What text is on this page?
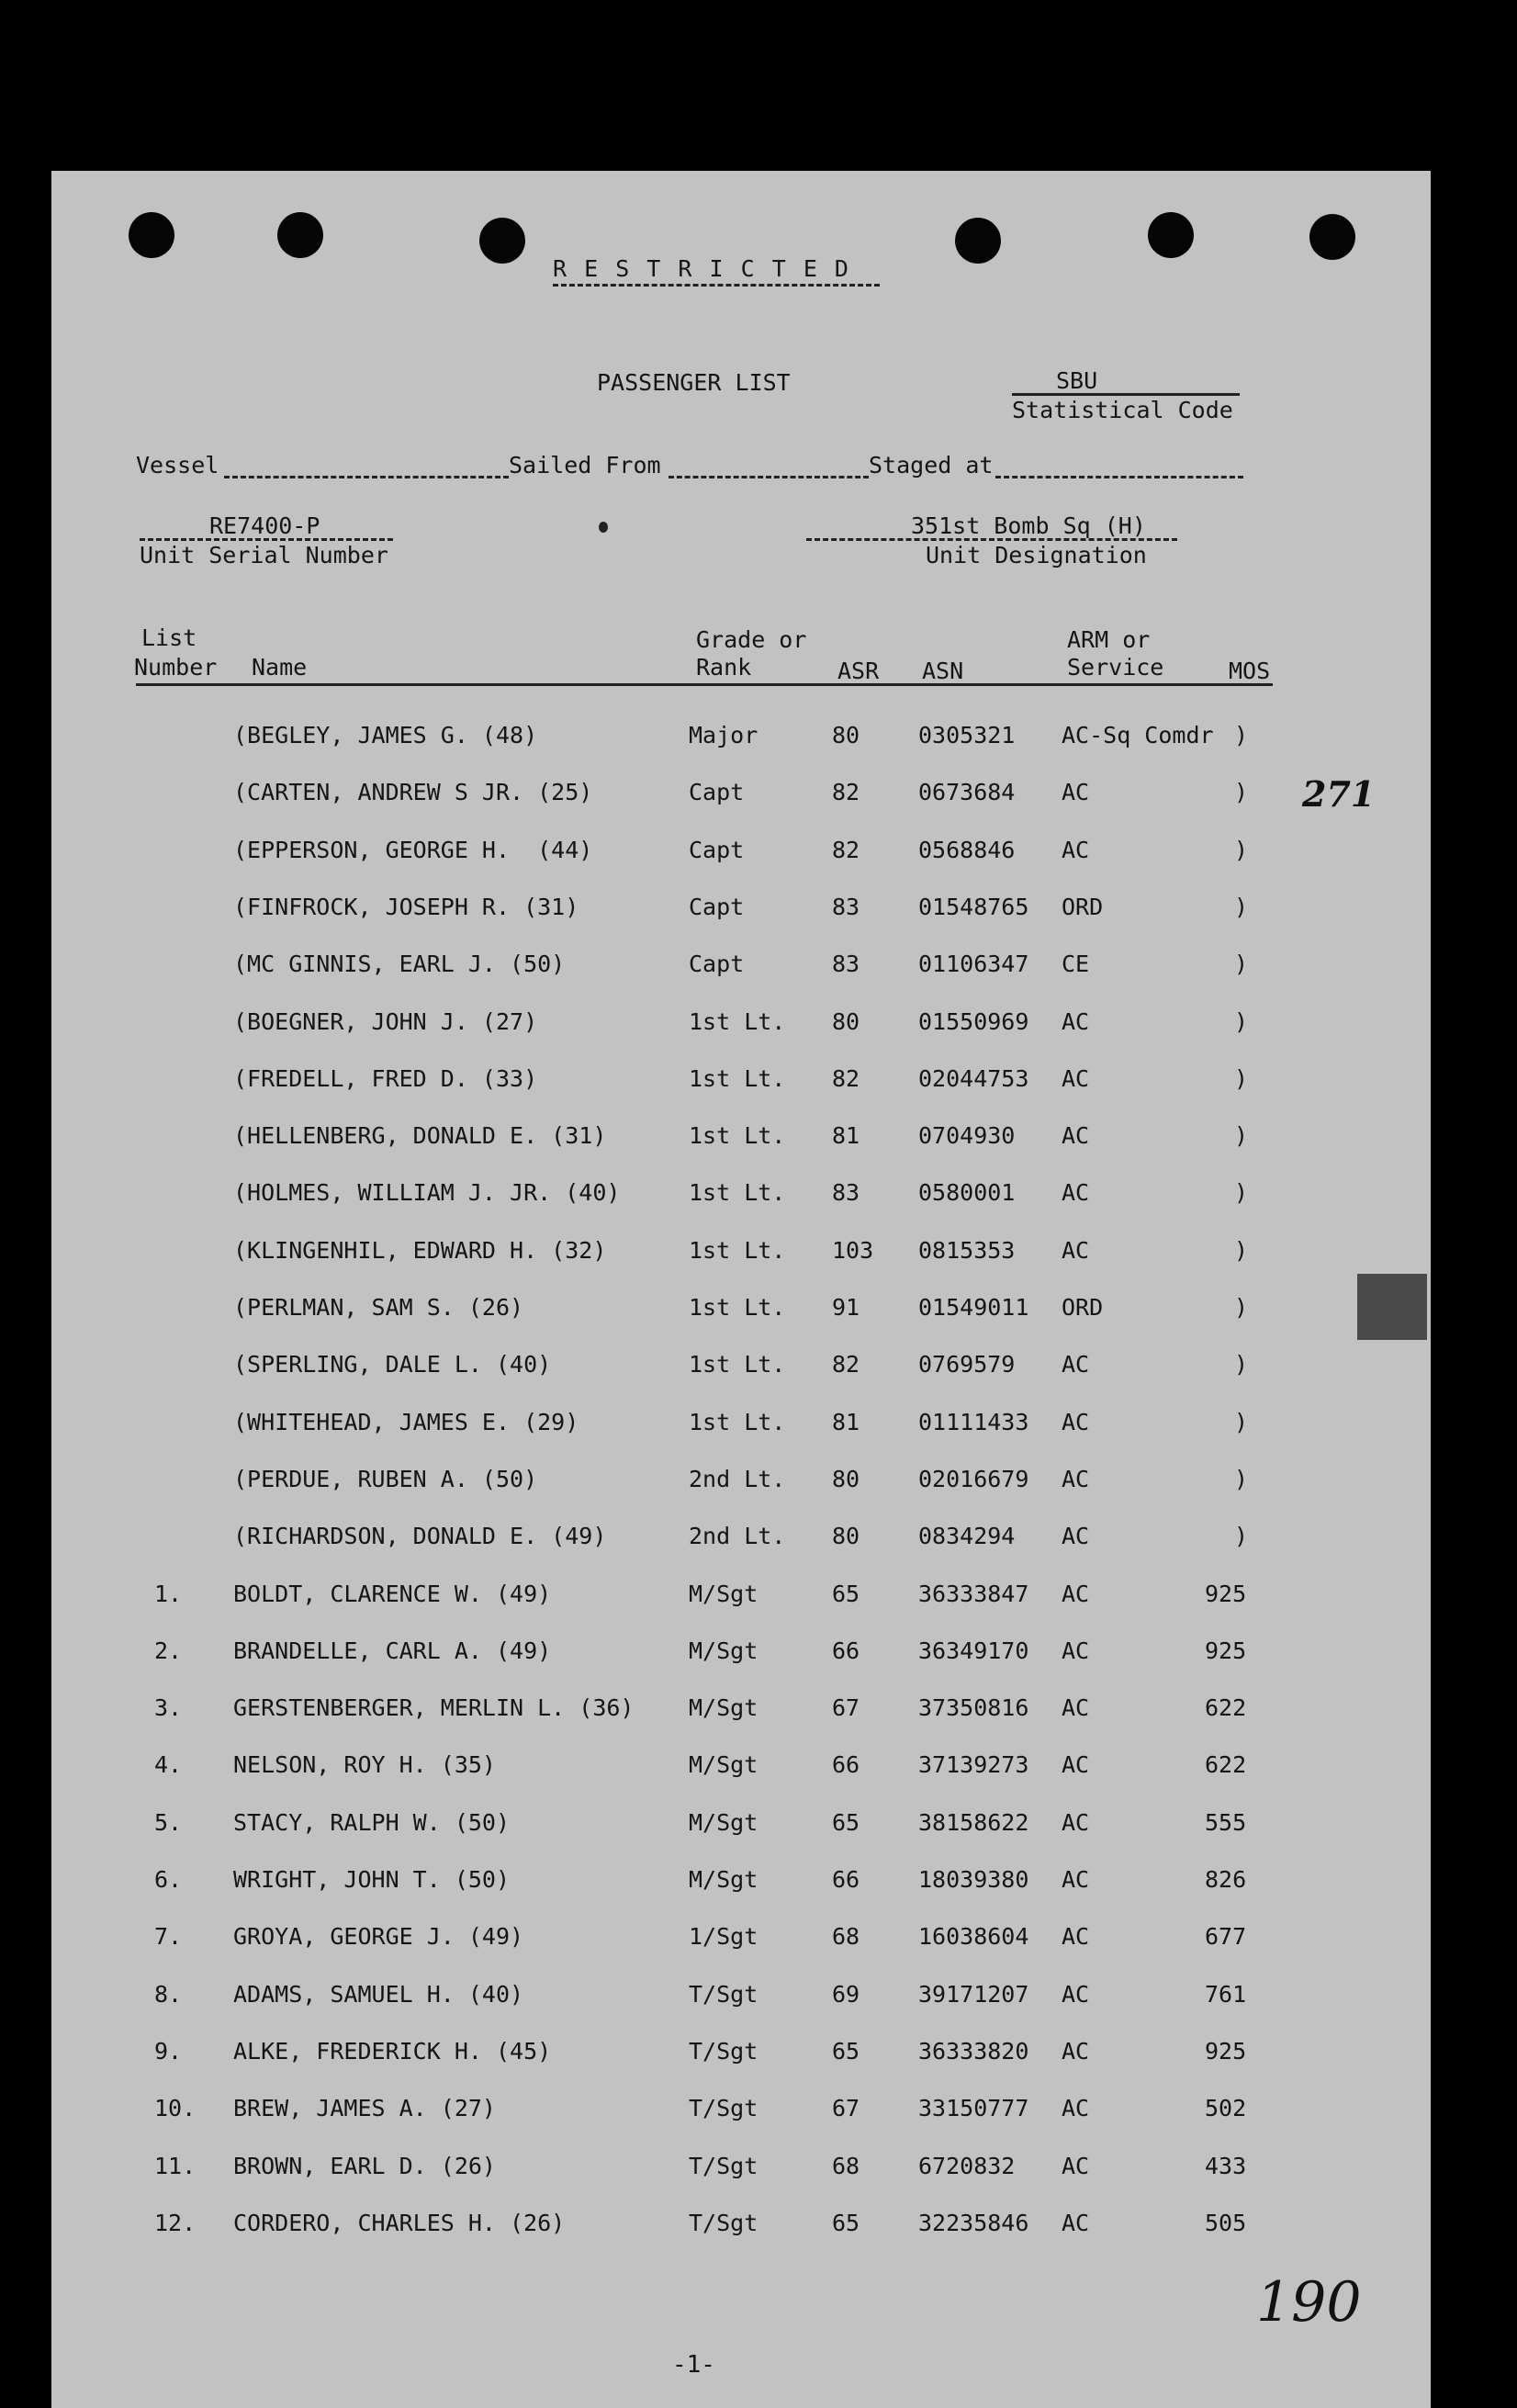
R E S T R I C T E D
PASSENGER LIST	SBU
Statistical Code
Vessel	Sailed From	Staged at
RE7400-P
Unit Serial Number
351st Bomb Sq (H)
Unit Designation
List
Number Name
Grade or
Rank	ASR ASN
ARM or
Service	MOS
(BEGLEY, JAMES G. (48)	Major	80	0305321 AC-Sq Comdr )
(CARTEN, ANDREW S JR. (25)	Capt	82	0673684 AC	)
(EPPERSON, GEORGE H.  (44)	Capt	82	0568846 AC	)
(FINFROCK, JOSEPH R. (31)	Capt	83	01548765 ORD	)
(MC GINNIS, EARL J. (50)	Capt	83	01106347 CE	)
(BOEGNER, JOHN J. (27)	1st Lt. 80	01550969 AC	)
(FREDELL, FRED D. (33)	1st Lt. 82	02044753 AC	)
(HELLENBERG, DONALD E. (31)	1st Lt. 81	0704930 AC	)
(HOLMES, WILLIAM J. JR. (40)	1st Lt. 83	0580001 AC	)
(KLINGENHIL, EDWARD H. (32)	1st Lt. 103 0815353 AC	)
(PERLMAN, SAM S. (26)	1st Lt. 91	01549011 ORD	)
(SPERLING, DALE L. (40)	1st Lt. 82	0769579 AC	)
(WHITEHEAD, JAMES E. (29)	1st Lt. 81	01111433 AC	)
(PERDUE, RUBEN A. (50)	2nd Lt. 80	02016679 AC	)
(RICHARDSON, DONALD E. (49)	2nd Lt. 80	0834294 AC	)
1. BOLDT, CLARENCE W. (49)	M/Sgt	65	36333847 AC	925
2. BRANDELLE, CARL A. (49)	M/Sgt	66	36349170 AC	925
3. GERSTENBERGER, MERLIN L. (36) M/Sgt	67	37350816 AC	622
4. NELSON, ROY H. (35)	M/Sgt	66	37139273 AC	622
5. STACY, RALPH W. (50)	M/Sgt	65	38158622 AC	555
6. WRIGHT, JOHN T. (50)	M/Sgt	66	18039380 AC	826
7. GROYA, GEORGE J. (49)	1/Sgt	68	16038604 AC	677
8. ADAMS, SAMUEL H. (40)	T/Sgt	69	39171207 AC	761
9. ALKE, FREDERICK H. (45)	T/Sgt	65	36333820 AC	925
10. BREW, JAMES A. (27)	T/Sgt	67	33150777 AC	502
11. BROWN, EARL D. (26)	T/Sgt	68	6720832 AC	433
12. CORDERO, CHARLES H. (26)	T/Sgt	65	32235846 AC	505
271
190
-1-
